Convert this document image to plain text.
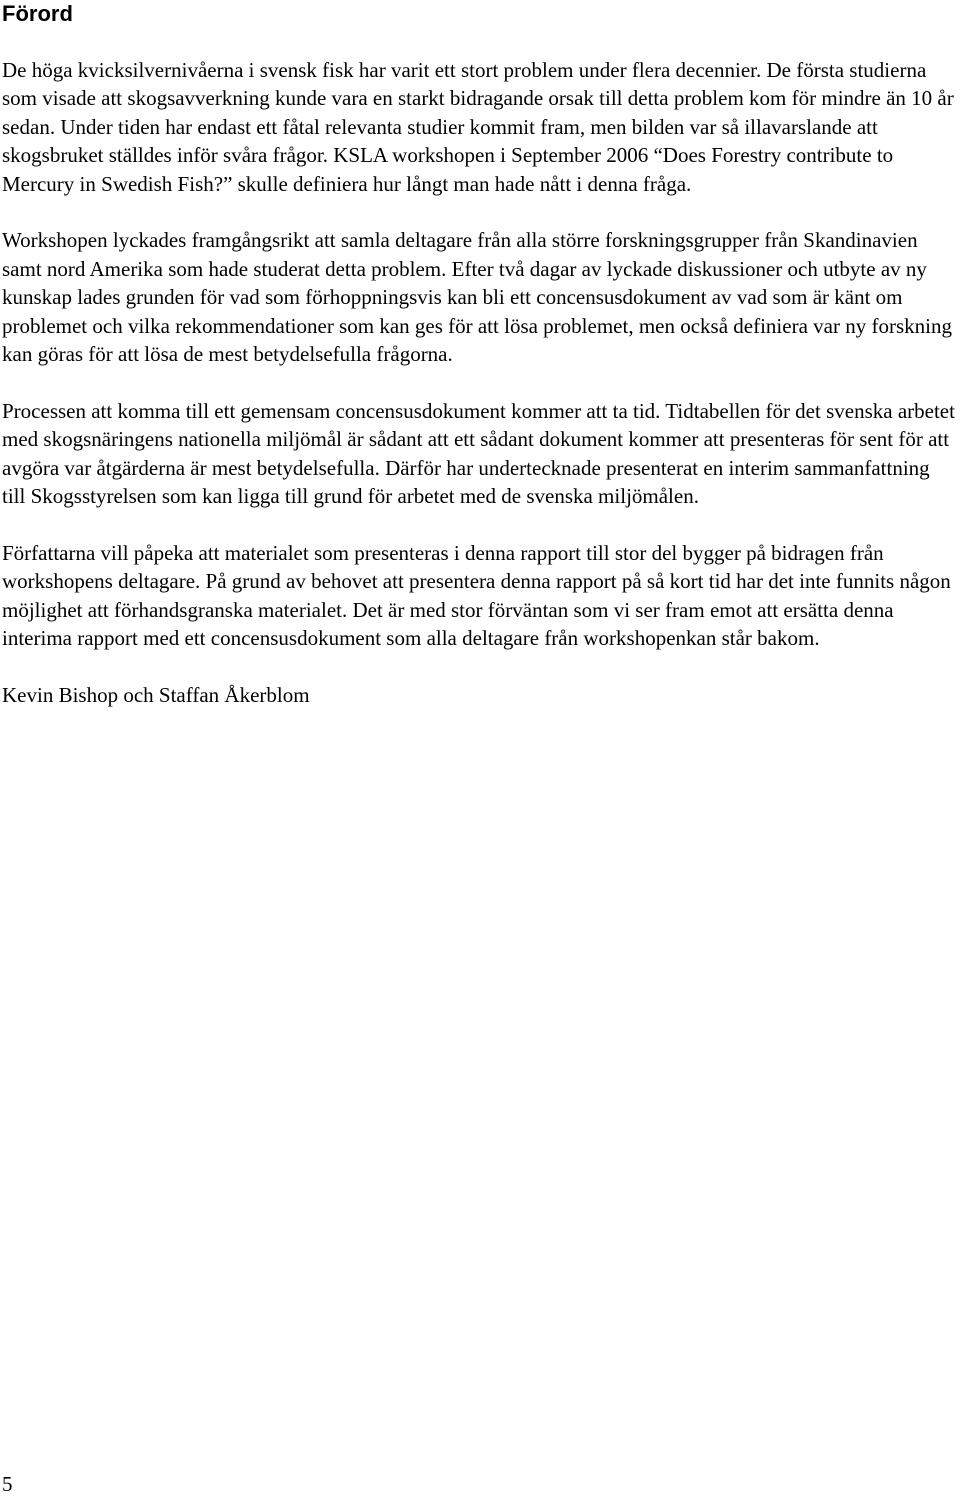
Förord

De höga kvicksilvernivåerna i svensk fisk har varit ett stort problem under flera decennier. De första studierna som visade att skogsavverkning kunde vara en starkt bidragande orsak till detta problem kom för mindre än 10 år sedan. Under tiden har endast ett fåtal relevanta studier kommit fram, men bilden var så illavarslande att skogsbruket ställdes inför svåra frågor. KSLA workshopen i September 2006 “Does Forestry contribute to Mercury in Swedish Fish?” skulle definiera hur långt man hade nått i denna fråga.

Workshopen lyckades framgångsrikt att samla deltagare från alla större forskningsgrupper från Skandinavien samt nord Amerika som hade studerat detta problem. Efter två dagar av lyckade diskussioner och utbyte av ny kunskap lades grunden för vad som förhoppningsvis kan bli ett concensusdokument av vad som är känt om problemet och vilka rekommendationer som kan ges för att lösa problemet, men också definiera var ny forskning kan göras för att lösa de mest betydelsefulla frågorna.

Processen att komma till ett gemensam concensusdokument kommer att ta tid. Tidtabellen för det svenska arbetet med skogsnäringens nationella miljömål är sådant att ett sådant dokument kommer att presenteras för sent för att avgöra var åtgärderna är mest betydelsefulla. Därför har undertecknade presenterat en interim sammanfattning till Skogsstyrelsen som kan ligga till grund för arbetet med de svenska miljömålen.

Författarna vill påpeka att materialet som presenteras i denna rapport till stor del bygger på bidragen från workshopens deltagare. På grund av behovet att presentera denna rapport på så kort tid har det inte funnits någon möjlighet att förhandsgranska materialet. Det är med stor förväntan som vi ser fram emot att ersätta denna interima rapport med ett concensusdokument som alla deltagare från workshopenkan står bakom.

Kevin Bishop och Staffan Åkerblom

5
